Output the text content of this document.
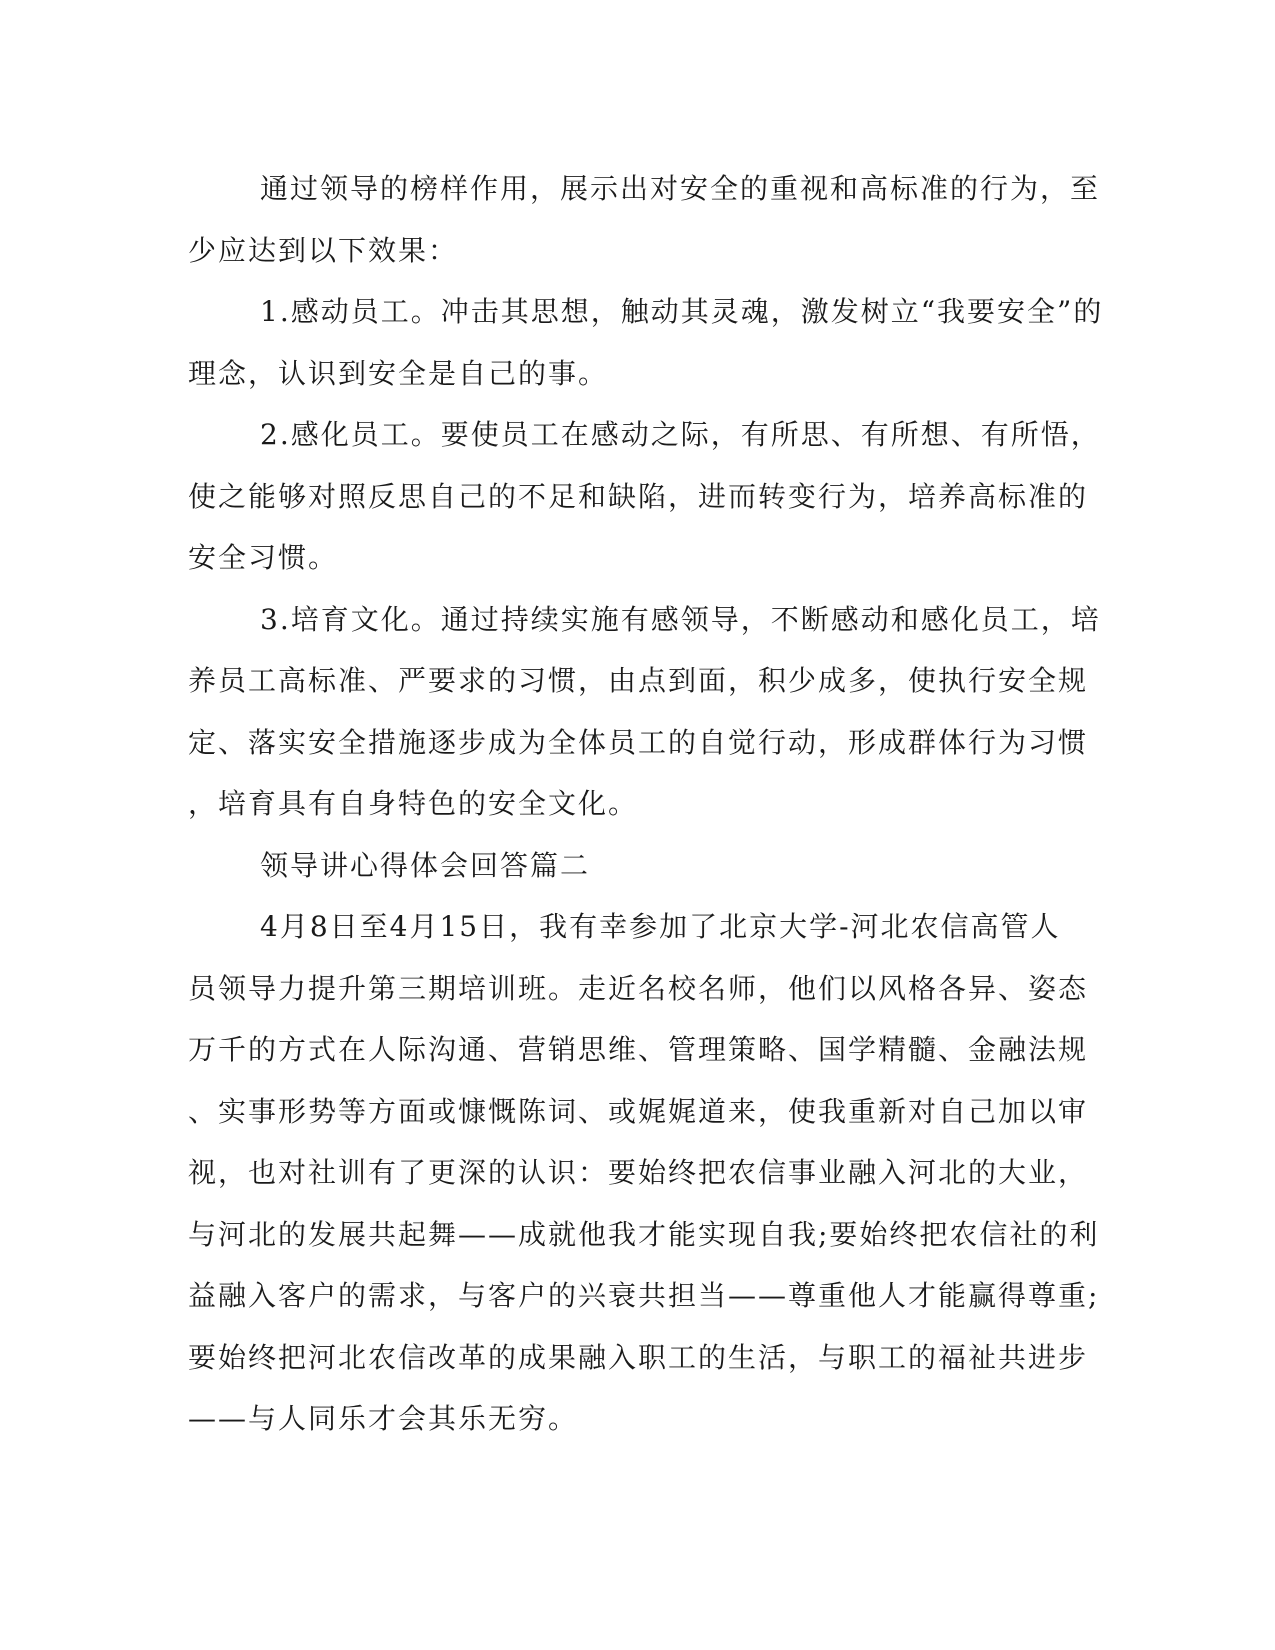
通过领导的榜样作用，展示出对安全的重视和高标准的行为，至
少应达到以下效果：
1.感动员工。冲击其思想，触动其灵魂，激发树立“我要安全”的
理念，认识到安全是自己的事。
2.感化员工。要使员工在感动之际，有所思、有所想、有所悟，
使之能够对照反思自己的不足和缺陷，进而转变行为，培养高标准的
安全习惯。
3.培育文化。通过持续实施有感领导，不断感动和感化员工，培
养员工高标准、严要求的习惯，由点到面，积少成多，使执行安全规
定、落实安全措施逐步成为全体员工的自觉行动，形成群体行为习惯
，培育具有自身特色的安全文化。
领导讲心得体会回答篇二
4月8日至4月15日，我有幸参加了北京大学-河北农信高管人
员领导力提升第三期培训班。走近名校名师，他们以风格各异、姿态
万千的方式在人际沟通、营销思维、管理策略、国学精髓、金融法规
、实事形势等方面或慷慨陈词、或娓娓道来，使我重新对自己加以审
视，也对社训有了更深的认识：要始终把农信事业融入河北的大业，
与河北的发展共起舞——成就他我才能实现自我;要始终把农信社的利
益融入客户的需求，与客户的兴衰共担当——尊重他人才能赢得尊重;
要始终把河北农信改革的成果融入职工的生活，与职工的福祉共进步
——与人同乐才会其乐无穷。
